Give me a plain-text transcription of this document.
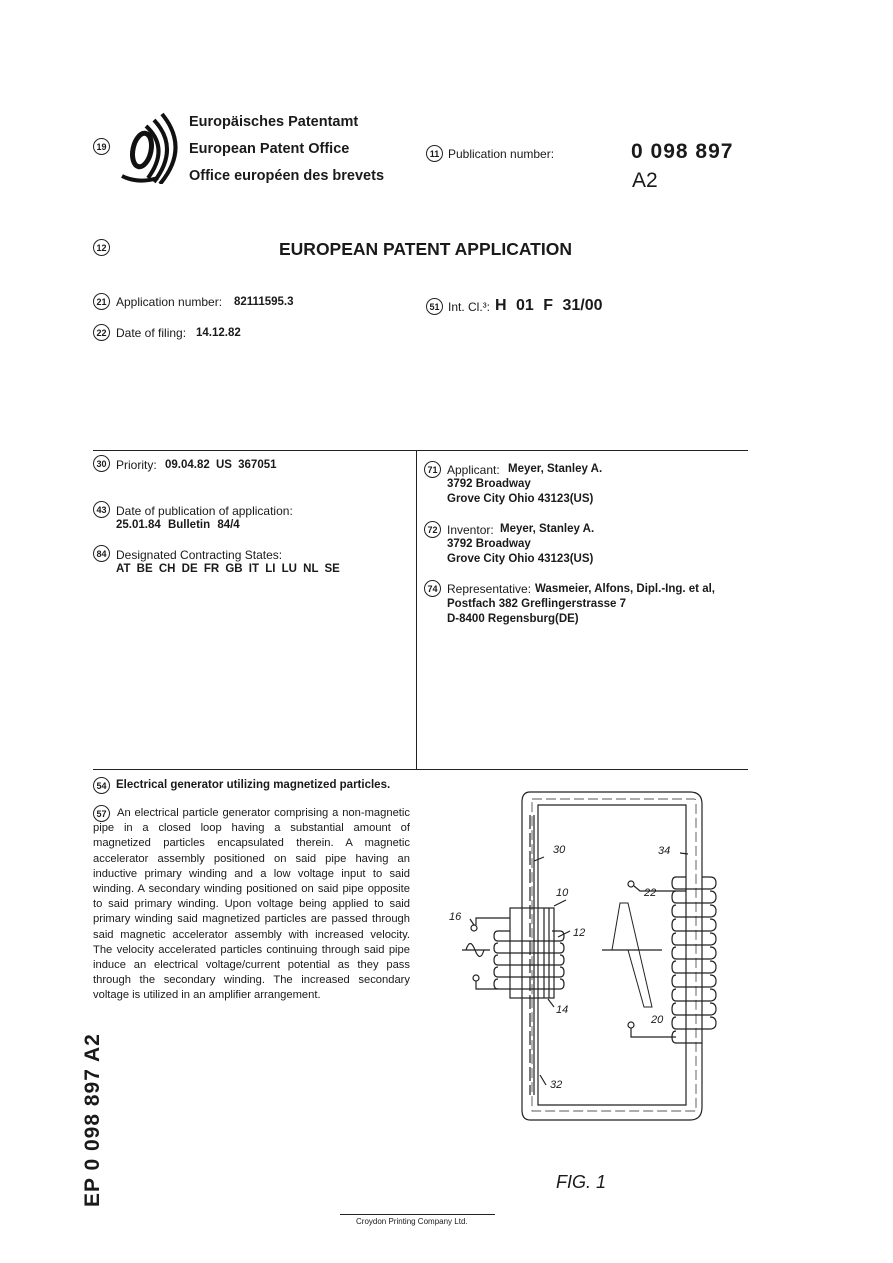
19
Europäisches Patentamt
European Patent Office
Office européen des brevets
11 Publication number:	0 098 897
A2
12	EUROPEAN PATENT APPLICATION
21 Application number: 82111595.3
22 Date of filing: 14.12.82
51 Int. Cl.³: H 01 F 31/00
30 Priority: 09.04.82 US 367051
43 Date of publication of application:
25.01.84 Bulletin 84/4
84 Designated Contracting States:
AT BE CH DE FR GB IT LI LU NL SE
71 Applicant: Meyer, Stanley A.
3792 Broadway
Grove City Ohio 43123(US)
72 Inventor: Meyer, Stanley A.
3792 Broadway
Grove City Ohio 43123(US)
74 Representative: Wasmeier, Alfons, Dipl.-Ing. et al,
Postfach 382 Greflingerstrasse 7
D-8400 Regensburg(DE)
54 Electrical generator utilizing magnetized particles.
57 An electrical particle generator comprising a non-magnetic pipe in a closed loop having a substantial amount of magnetized particles encapsulated therein. A magnetic accelerator assembly positioned on said pipe having an inductive primary winding and a low voltage input to said winding. A secondary winding positioned on said pipe opposite to said primary winding. Upon voltage being applied to said primary winding said magnetized particles are passed through said magnetic accelerator assembly with increased velocity. The velocity accelerated particles continuing through said pipe induce an electrical voltage/current potential as they pass through the secondary winding. The increased secondary voltage is utilized in an amplifier arrangement.
30	34
22
10
16
12
14
20
32
FIG. 1
EP 0 098 897 A2
Croydon Printing Company Ltd.
